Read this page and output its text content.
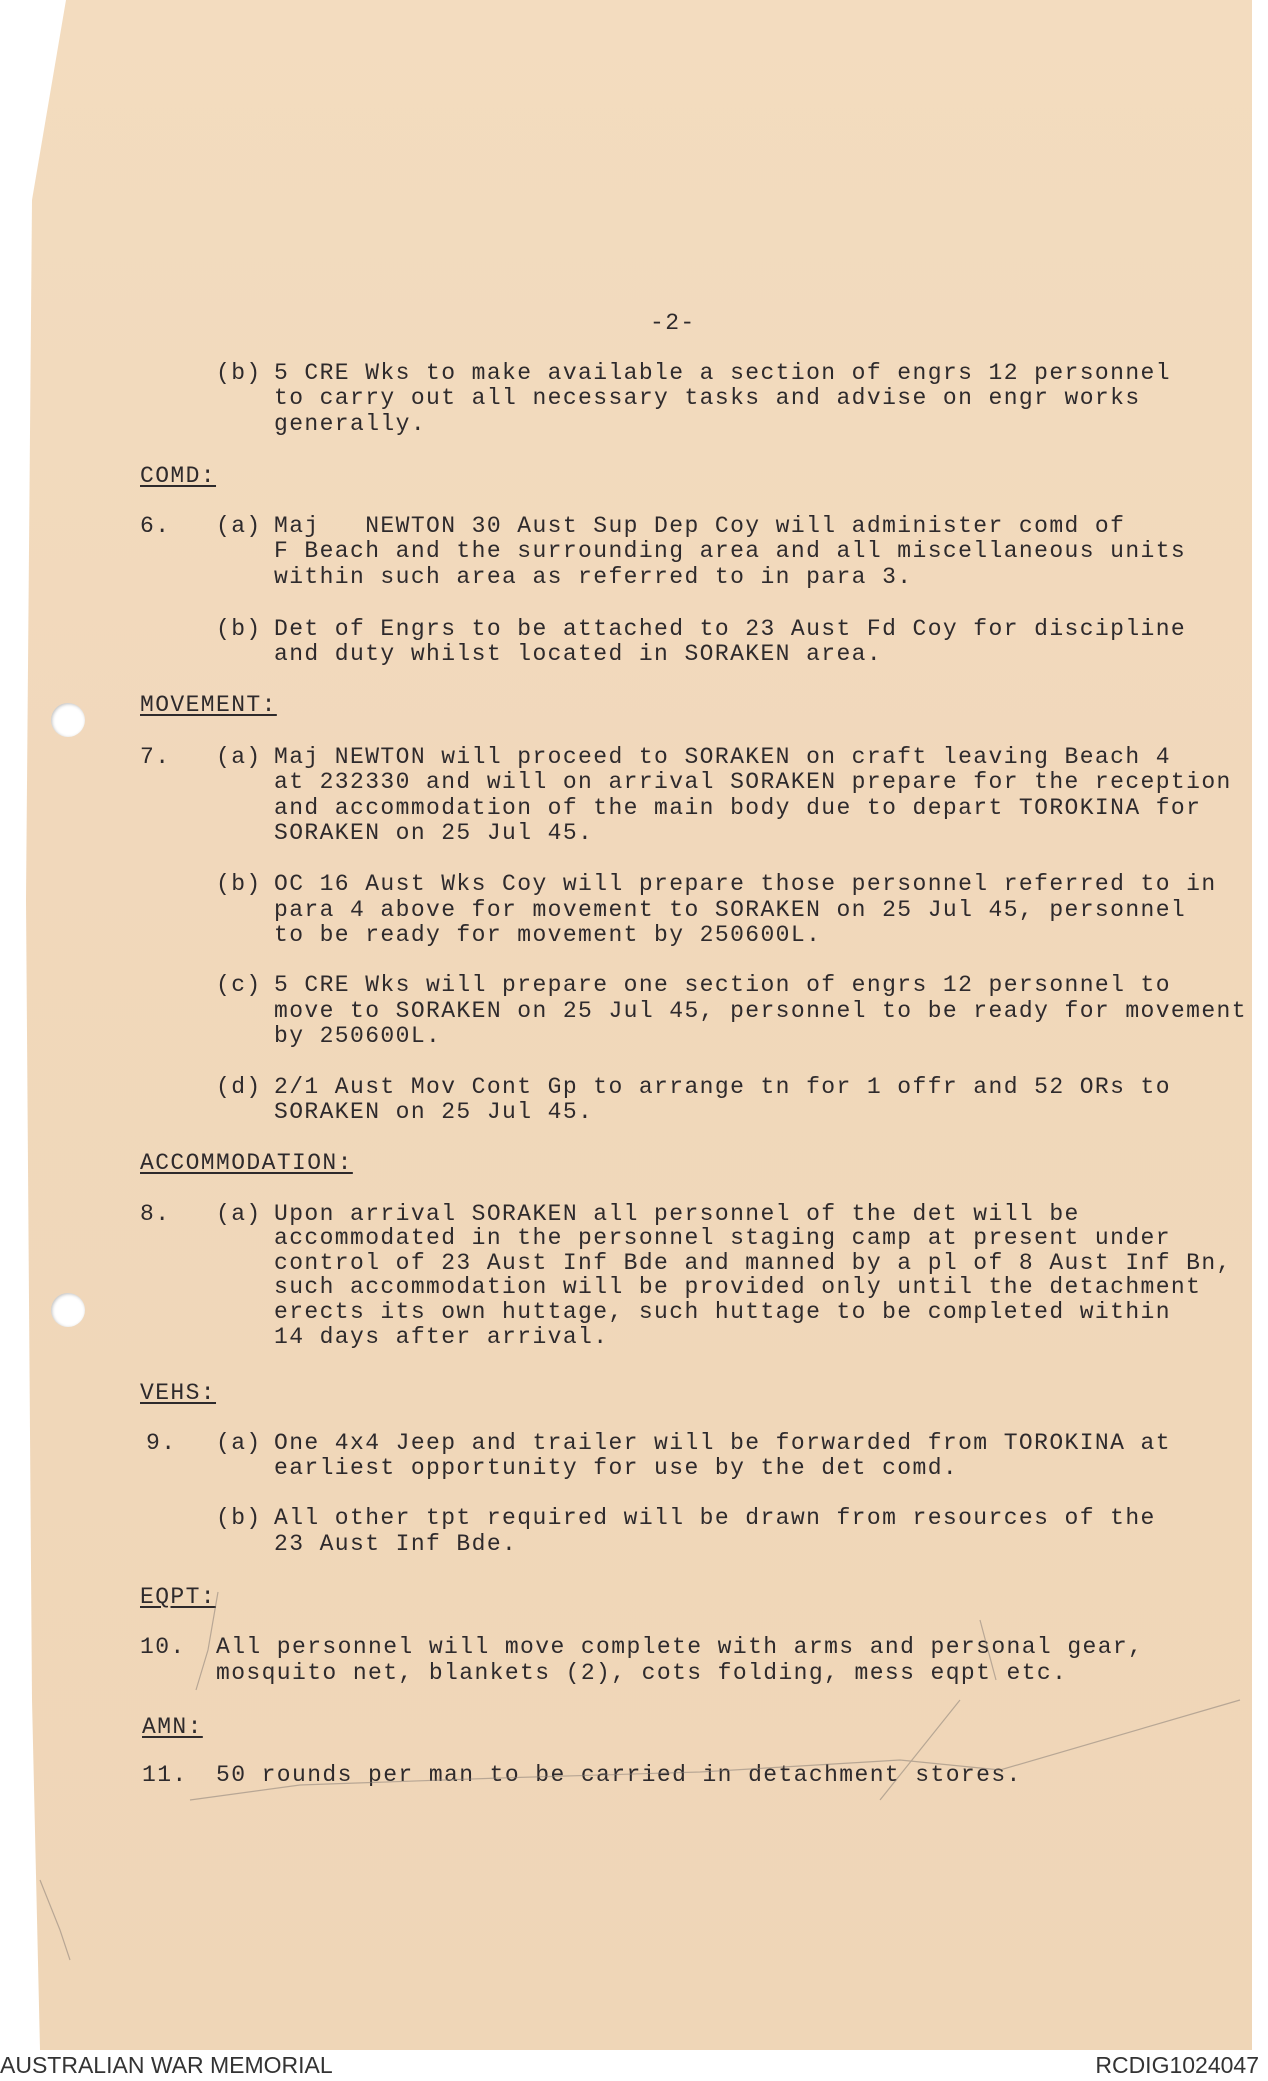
-2-
(b) 5 CRE Wks to make available a section of engrs 12 personnel
to carry out all necessary tasks and advise on engr works
generally.
COMD:
6. (a) Maj   NEWTON 30 Aust Sup Dep Coy will administer comd of
F Beach and the surrounding area and all miscellaneous units
within such area as referred to in para 3.
(b) Det of Engrs to be attached to 23 Aust Fd Coy for discipline
and duty whilst located in SORAKEN area.
MOVEMENT:
7. (a) Maj NEWTON will proceed to SORAKEN on craft leaving Beach 4
at 232330 and will on arrival SORAKEN prepare for the reception
and accommodation of the main body due to depart TOROKINA for
SORAKEN on 25 Jul 45.
(b) OC 16 Aust Wks Coy will prepare those personnel referred to in
para 4 above for movement to SORAKEN on 25 Jul 45, personnel
to be ready for movement by 250600L.
(c) 5 CRE Wks will prepare one section of engrs 12 personnel to
move to SORAKEN on 25 Jul 45, personnel to be ready for movement
by 250600L.
(d) 2/1 Aust Mov Cont Gp to arrange tn for 1 offr and 52 ORs to
SORAKEN on 25 Jul 45.
ACCOMMODATION:
8. (a) Upon arrival SORAKEN all personnel of the det will be
accommodated in the personnel staging camp at present under
control of 23 Aust Inf Bde and manned by a pl of 8 Aust Inf Bn,
such accommodation will be provided only until the detachment
erects its own huttage, such huttage to be completed within
14 days after arrival.
VEHS:
9. (a) One 4x4 Jeep and trailer will be forwarded from TOROKINA at
earliest opportunity for use by the det comd.
(b) All other tpt required will be drawn from resources of the
23 Aust Inf Bde.
EQPT:
10. All personnel will move complete with arms and personal gear,
mosquito net, blankets (2), cots folding, mess eqpt etc.
AMN:
11. 50 rounds per man to be carried in detachment stores.
AUSTRALIAN WAR MEMORIAL	RCDIG1024047
